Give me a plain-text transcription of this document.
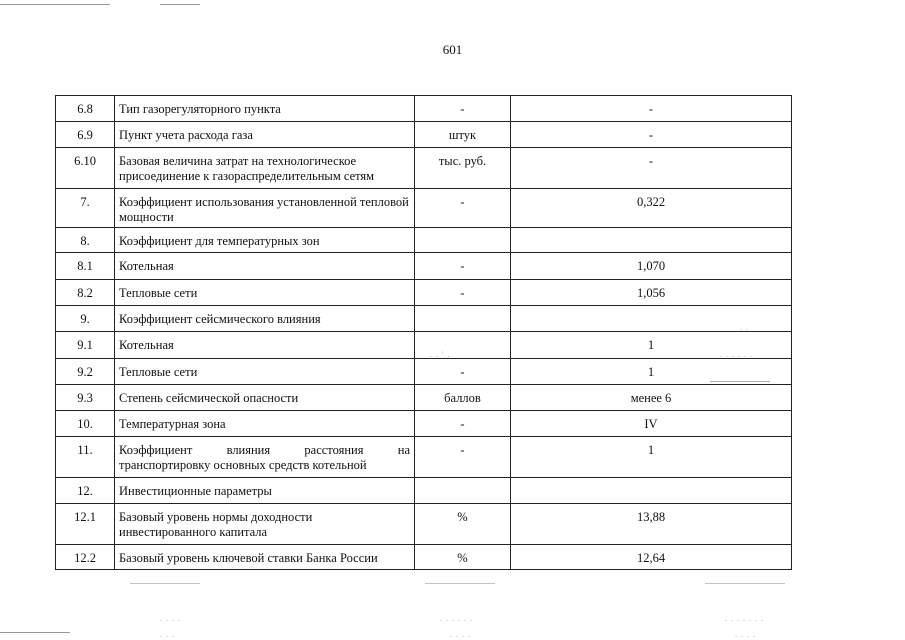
601
6.8	Тип газорегуляторного пункта	-	-
6.9	Пункт учета расхода газа	штук	-
6.10	Базовая величина затрат на технологическое присоединение к газораспределительным сетям	тыс. руб.	-
7.	Коэффициент использования установленной тепловой мощности	-	0,322
8.	Коэффициент для температурных зон		
8.1	Котельная	-	1,070
8.2	Тепловые сети	-	1,056
9.	Коэффициент сейсмического влияния		
9.1	Котельная		1
9.2	Тепловые сети	-	1
9.3	Степень сейсмической опасности	баллов	менее 6
10.	Температурная зона	-	IV
11.	Коэффициент влияния расстояния на транспортировку основных средств котельной	-	1
12.	Инвестиционные параметры		
12.1	Базовый уровень нормы доходности инвестированного капитала	%	13,88
12.2	Базовый уровень ключевой ставки Банка России	%	12,64
. . ' .	. . . . . .
. .
. . . .	. . . . . .	. . . . . . .
. . .	. . . .	. . . .
